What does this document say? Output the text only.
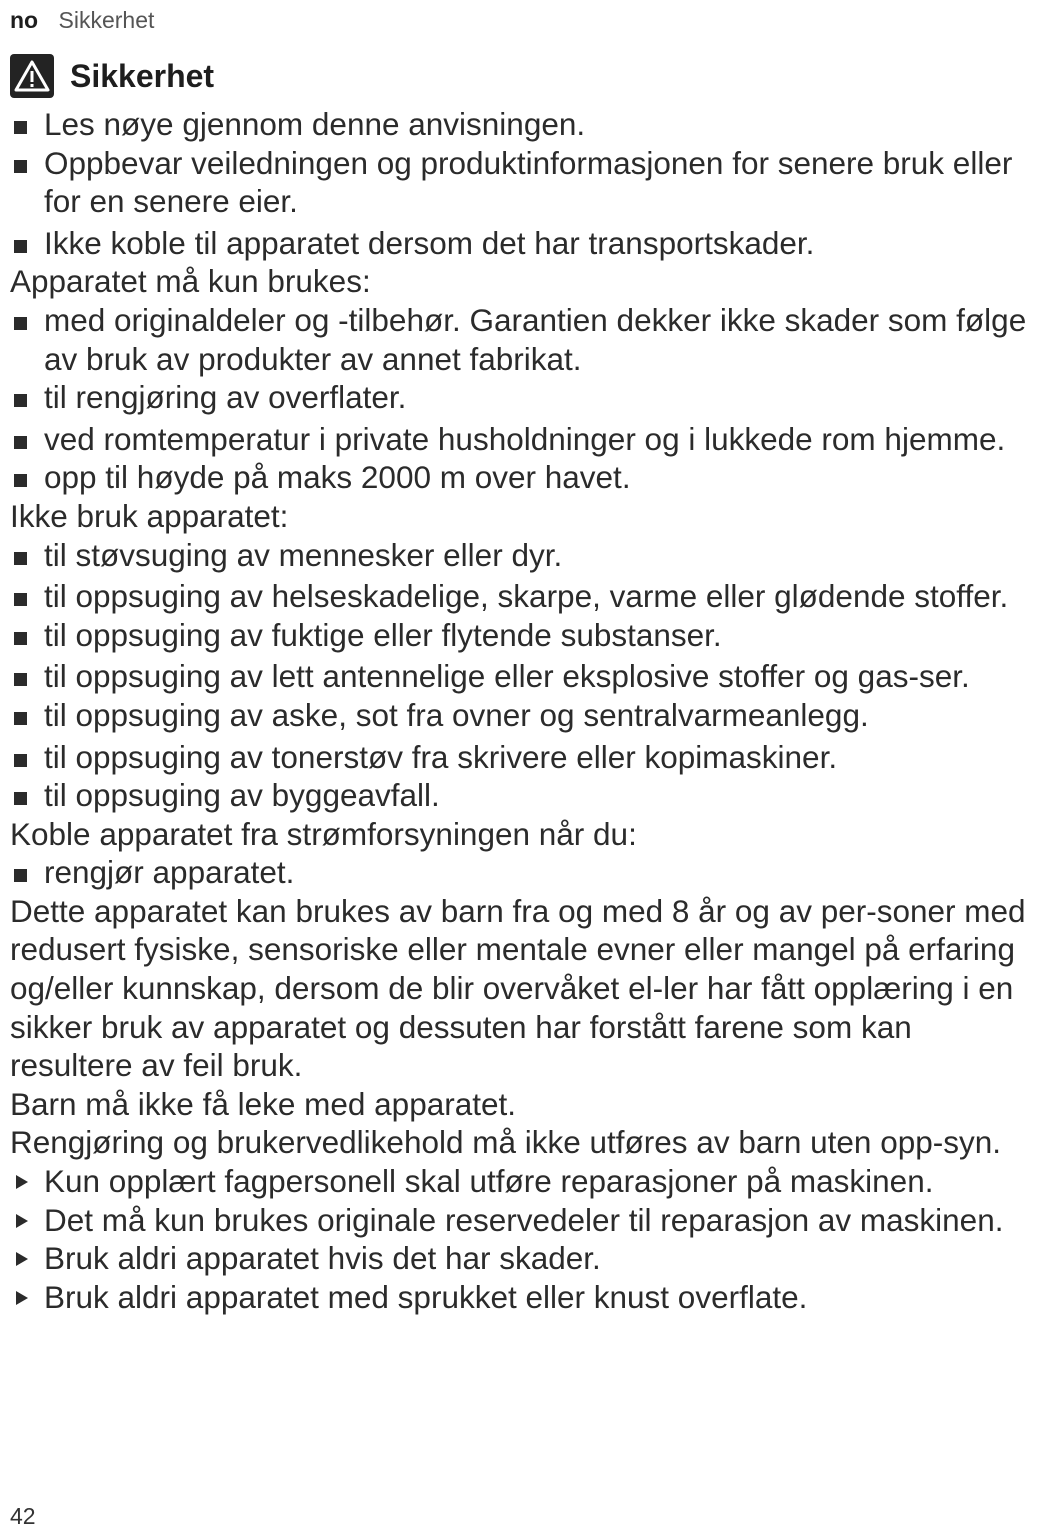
no Sikkerhet
Sikkerhet

Les nøye gjennom denne anvisningen.

Oppbevar veiledningen og produktinformasjonen for senere bruk eller for en senere eier.

Ikke koble til apparatet dersom det har transportskader.

Apparatet må kun brukes:

med originaldeler og -tilbehør. Garantien dekker ikke skader som følge av bruk av produkter av annet fabrikat.

til rengjøring av overflater.

ved romtemperatur i private husholdninger og i lukkede rom hjemme.

opp til høyde på maks 2000 m over havet.

Ikke bruk apparatet:

til støvsuging av mennesker eller dyr.

til oppsuging av helseskadelige, skarpe, varme eller glødende stoffer.

til oppsuging av fuktige eller flytende substanser.

til oppsuging av lett antennelige eller eksplosive stoffer og gas-ser.

til oppsuging av aske, sot fra ovner og sentralvarmeanlegg.

til oppsuging av tonerstøv fra skrivere eller kopimaskiner.

til oppsuging av byggeavfall.

Koble apparatet fra strømforsyningen når du:

rengjør apparatet.

Dette apparatet kan brukes av barn fra og med 8 år og av per-soner med redusert fysiske, sensoriske eller mentale evner eller mangel på erfaring og/eller kunnskap, dersom de blir overvåket el-ler har fått opplæring i en sikker bruk av apparatet og dessuten har forstått farene som kan resultere av feil bruk.

Barn må ikke få leke med apparatet.

Rengjøring og brukervedlikehold må ikke utføres av barn uten opp-syn.

Kun opplært fagpersonell skal utføre reparasjoner på maskinen.

Det må kun brukes originale reservedeler til reparasjon av maskinen.

Bruk aldri apparatet hvis det har skader.

Bruk aldri apparatet med sprukket eller knust overflate.

42
